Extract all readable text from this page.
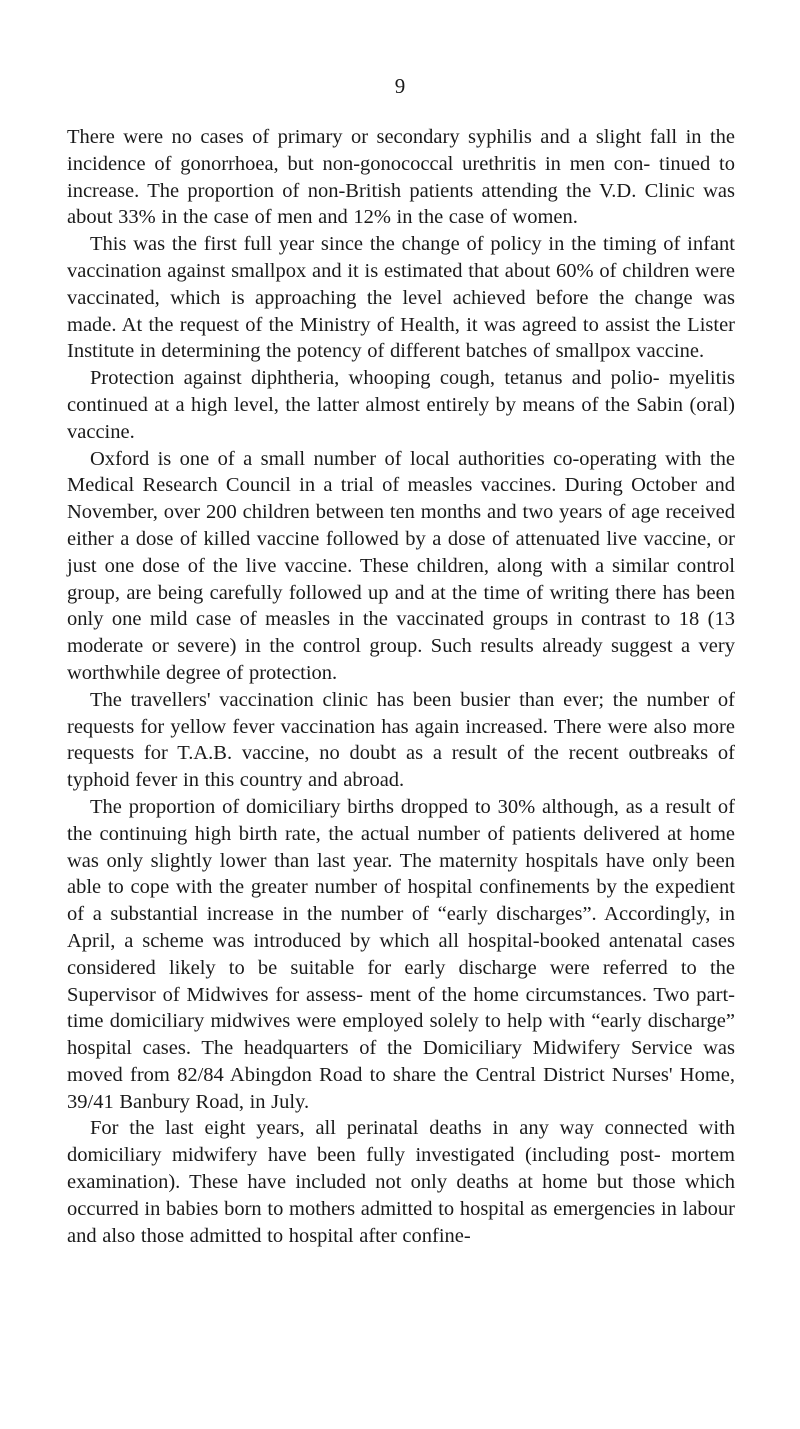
9

There were no cases of primary or secondary syphilis and a slight fall in the incidence of gonorrhoea, but non-gonococcal urethritis in men con- tinued to increase. The proportion of non-British patients attending the V.D. Clinic was about 33% in the case of men and 12% in the case of women.

This was the first full year since the change of policy in the timing of infant vaccination against smallpox and it is estimated that about 60% of children were vaccinated, which is approaching the level achieved before the change was made. At the request of the Ministry of Health, it was agreed to assist the Lister Institute in determining the potency of different batches of smallpox vaccine.

Protection against diphtheria, whooping cough, tetanus and polio- myelitis continued at a high level, the latter almost entirely by means of the Sabin (oral) vaccine.

Oxford is one of a small number of local authorities co-operating with the Medical Research Council in a trial of measles vaccines. During October and November, over 200 children between ten months and two years of age received either a dose of killed vaccine followed by a dose of attenuated live vaccine, or just one dose of the live vaccine. These children, along with a similar control group, are being carefully followed up and at the time of writing there has been only one mild case of measles in the vaccinated groups in contrast to 18 (13 moderate or severe) in the control group. Such results already suggest a very worthwhile degree of protection.

The travellers' vaccination clinic has been busier than ever; the number of requests for yellow fever vaccination has again increased. There were also more requests for T.A.B. vaccine, no doubt as a result of the recent outbreaks of typhoid fever in this country and abroad.

The proportion of domiciliary births dropped to 30% although, as a result of the continuing high birth rate, the actual number of patients delivered at home was only slightly lower than last year. The maternity hospitals have only been able to cope with the greater number of hospital confinements by the expedient of a substantial increase in the number of “early discharges”. Accordingly, in April, a scheme was introduced by which all hospital-booked antenatal cases considered likely to be suitable for early discharge were referred to the Supervisor of Midwives for assess- ment of the home circumstances. Two part-time domiciliary midwives were employed solely to help with “early discharge” hospital cases. The headquarters of the Domiciliary Midwifery Service was moved from 82/84 Abingdon Road to share the Central District Nurses' Home, 39/41 Banbury Road, in July.

For the last eight years, all perinatal deaths in any way connected with domiciliary midwifery have been fully investigated (including post- mortem examination). These have included not only deaths at home but those which occurred in babies born to mothers admitted to hospital as emergencies in labour and also those admitted to hospital after confine-
